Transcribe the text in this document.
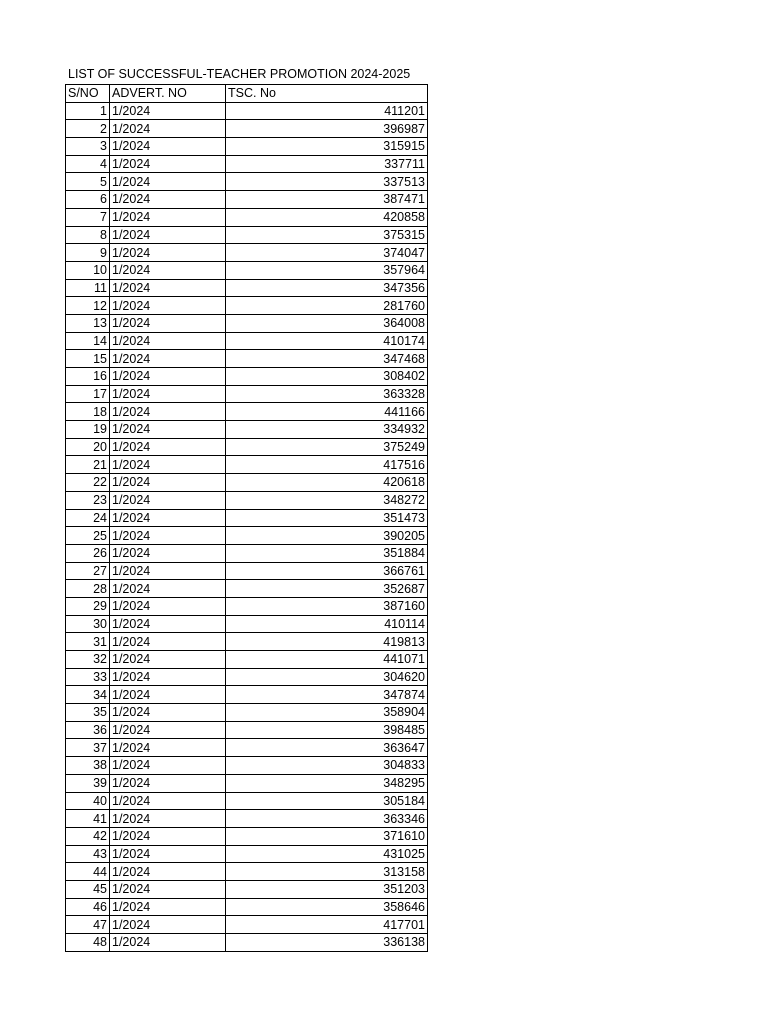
LIST OF SUCCESSFUL-TEACHER PROMOTION 2024-2025
S/NO	ADVERT. NO	TSC. No
1	1/2024	411201
2	1/2024	396987
3	1/2024	315915
4	1/2024	337711
5	1/2024	337513
6	1/2024	387471
7	1/2024	420858
8	1/2024	375315
9	1/2024	374047
10	1/2024	357964
11	1/2024	347356
12	1/2024	281760
13	1/2024	364008
14	1/2024	410174
15	1/2024	347468
16	1/2024	308402
17	1/2024	363328
18	1/2024	441166
19	1/2024	334932
20	1/2024	375249
21	1/2024	417516
22	1/2024	420618
23	1/2024	348272
24	1/2024	351473
25	1/2024	390205
26	1/2024	351884
27	1/2024	366761
28	1/2024	352687
29	1/2024	387160
30	1/2024	410114
31	1/2024	419813
32	1/2024	441071
33	1/2024	304620
34	1/2024	347874
35	1/2024	358904
36	1/2024	398485
37	1/2024	363647
38	1/2024	304833
39	1/2024	348295
40	1/2024	305184
41	1/2024	363346
42	1/2024	371610
43	1/2024	431025
44	1/2024	313158
45	1/2024	351203
46	1/2024	358646
47	1/2024	417701
48	1/2024	336138
